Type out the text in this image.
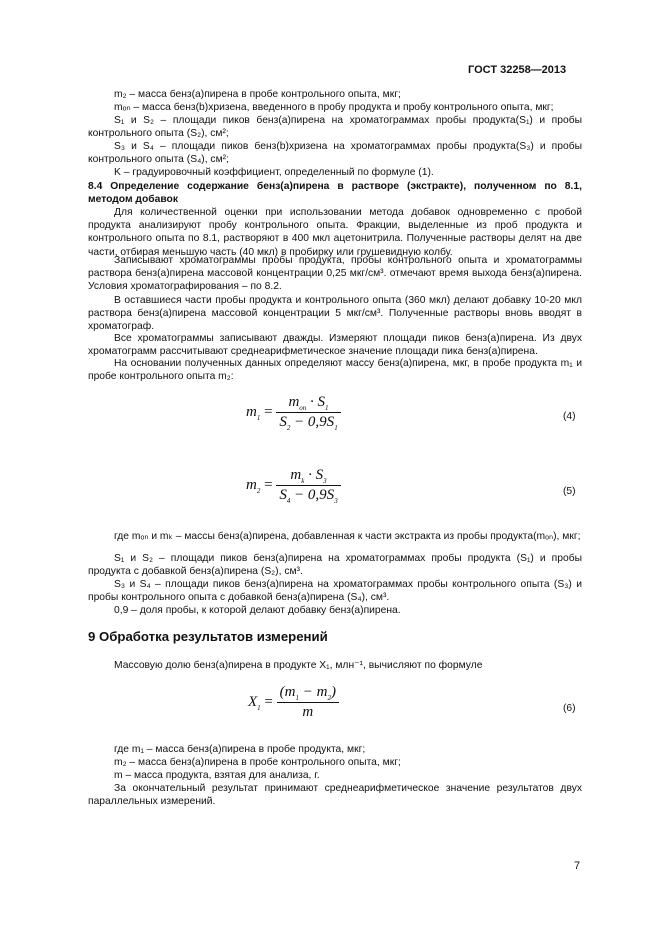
ГОСТ 32258—2013
m₂ – масса бенз(а)пирена в пробе контрольного опыта, мкг;
mₒₙ – масса бенз(b)хризена, введенного в пробу продукта и пробу контрольного опыта, мкг;
S₁ и S₂ – площади пиков бенз(а)пирена на хроматограммах пробы продукта(S₁) и пробы контрольного опыта (S₂), см²;
S₃ и S₄ – площади пиков бенз(b)хризена на хроматограммах пробы продукта(S₃) и пробы контрольного опыта (S₄), см²;
K – градуировочный коэффициент, определенный по формуле (1).
8.4 Определение содержание бенз(а)пирена в растворе (экстракте), полученном по 8.1, методом добавок
Для количественной оценки при использовании метода добавок одновременно с пробой продукта анализируют пробу контрольного опыта. Фракции, выделенные из проб продукта и контрольного опыта по 8.1, растворяют в 400 мкл ацетонитрила. Полученные растворы делят на две части, отбирая меньшую часть (40 мкл) в пробирку или грушевидную колбу.
Записывают хроматограммы пробы продукта, пробы контрольного опыта и хроматограммы раствора бенз(а)пирена массовой концентрации 0,25 мкг/см³. отмечают время выхода бенз(а)пирена. Условия хроматографирования – по 8.2.
В оставшиеся части пробы продукта и контрольного опыта (360 мкл) делают добавку 10-20 мкл раствора бенз(а)пирена массовой концентрации 5 мкг/см³. Полученные растворы вновь вводят в хроматограф.
Все хроматограммы записывают дважды. Измеряют площади пиков бенз(а)пирена. Из двух хроматограмм рассчитывают среднеарифметическое значение площади пика бенз(а)пирена.
На основании полученных данных определяют массу бенз(а)пирена, мкг, в пробе продукта m₁ и пробе контрольного опыта m₂:
$m_1 = \frac{m_{оп} \cdot S_1}{S_2 - 0,9S_1}$	(4)
$m_2 = \frac{m_k \cdot S_3}{S_4 - 0,9S_3}$	(5)
где mₒₙ и mₖ – массы бенз(а)пирена, добавленная к части экстракта из пробы продукта(mₒₙ), мкг;
S₁ и S₂ – площади пиков бенз(а)пирена на хроматограммах пробы продукта (S₁) и пробы продукта с добавкой бенз(а)пирена (S₂), см³.
S₃ и S₄ – площади пиков бенз(а)пирена на хроматограммах пробы контрольного опыта (S₃) и пробы контрольного опыта с добавкой бенз(а)пирена (S₄), см³.
0,9 – доля пробы, к которой делают добавку бенз(а)пирена.
9 Обработка результатов измерений
Массовую долю бенз(а)пирена в продукте X₁, млн⁻¹, вычисляют по формуле
$X_1 = \frac{(m_1 - m_2)}{m}$	(6)
где m₁ – масса бенз(а)пирена в пробе продукта, мкг;
m₂ – масса бенз(а)пирена в пробе контрольного опыта, мкг;
m – масса продукта, взятая для анализа, г.
За окончательный результат принимают среднеарифметическое значение результатов двух параллельных измерений.
7
